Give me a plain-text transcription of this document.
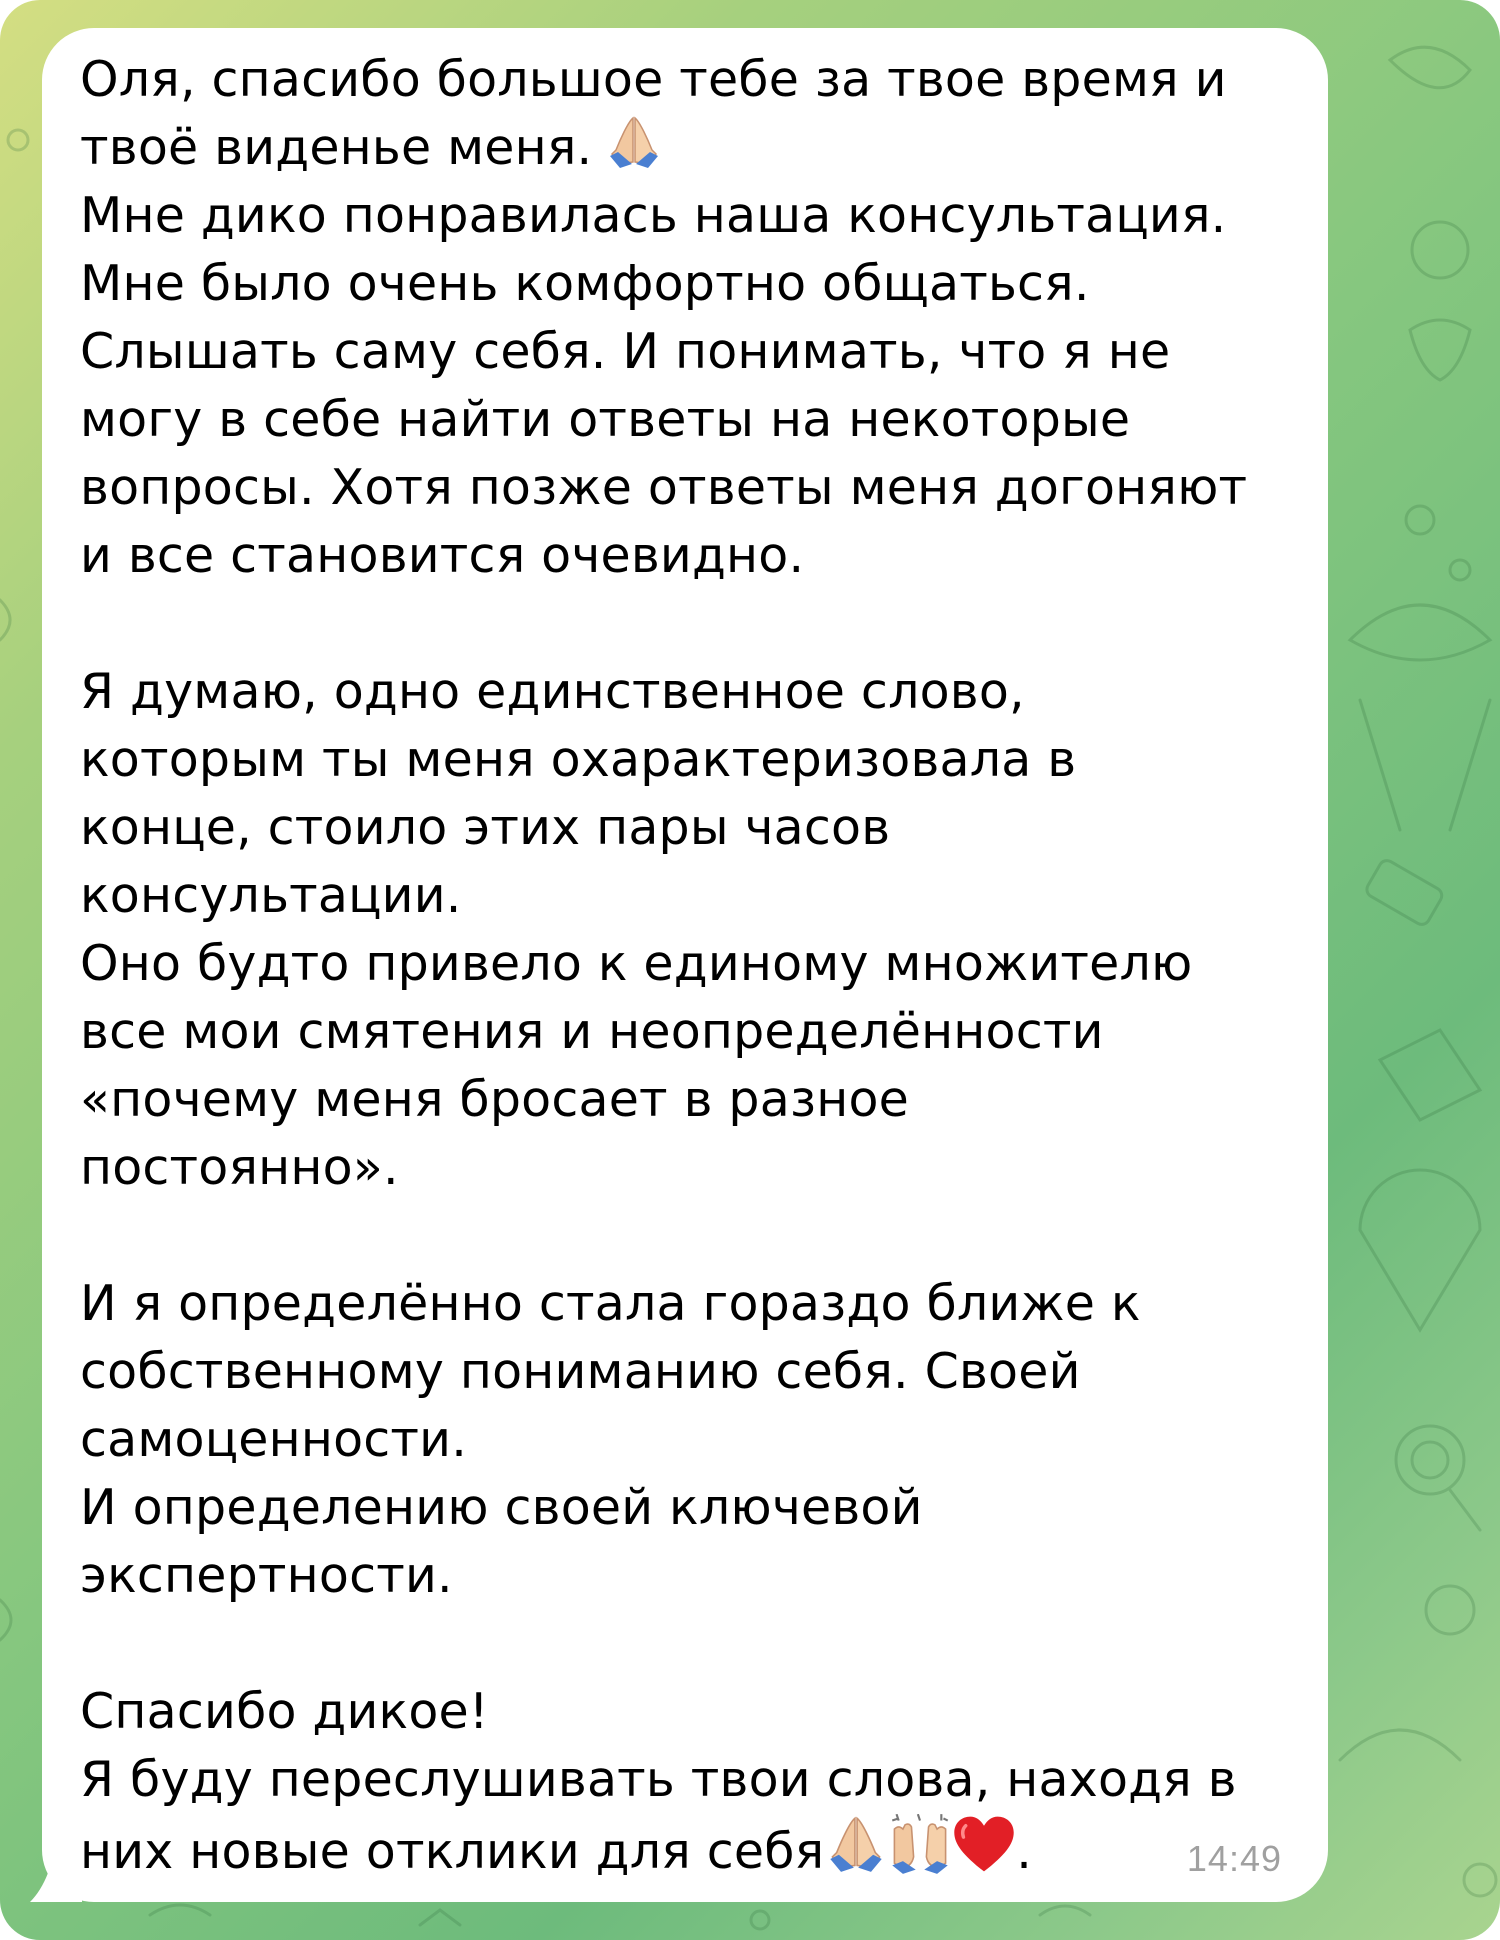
Оля, спасибо большое тебе за твое время и
твоё виденье меня.
Мне дико понравилась наша консультация.
Мне было очень комфортно общаться.
Слышать саму себя. И понимать, что я не
могу в себе найти ответы на некоторые
вопросы. Хотя позже ответы меня догоняют
и все становится очевидно.
Я думаю, одно единственное слово,
которым ты меня охарактеризовала в
конце, стоило этих пары часов
консультации.
Оно будто привело к единому множителю
все мои смятения и неопределённости
«почему меня бросает в разное
постоянно».
И я определённо стала гораздо ближе к
собственному пониманию себя. Своей
самоценности.
И определению своей ключевой
экспертности.
Спасибо дикое!
Я буду переслушивать твои слова, находя в
них новые отклики для себя	.	14:49
